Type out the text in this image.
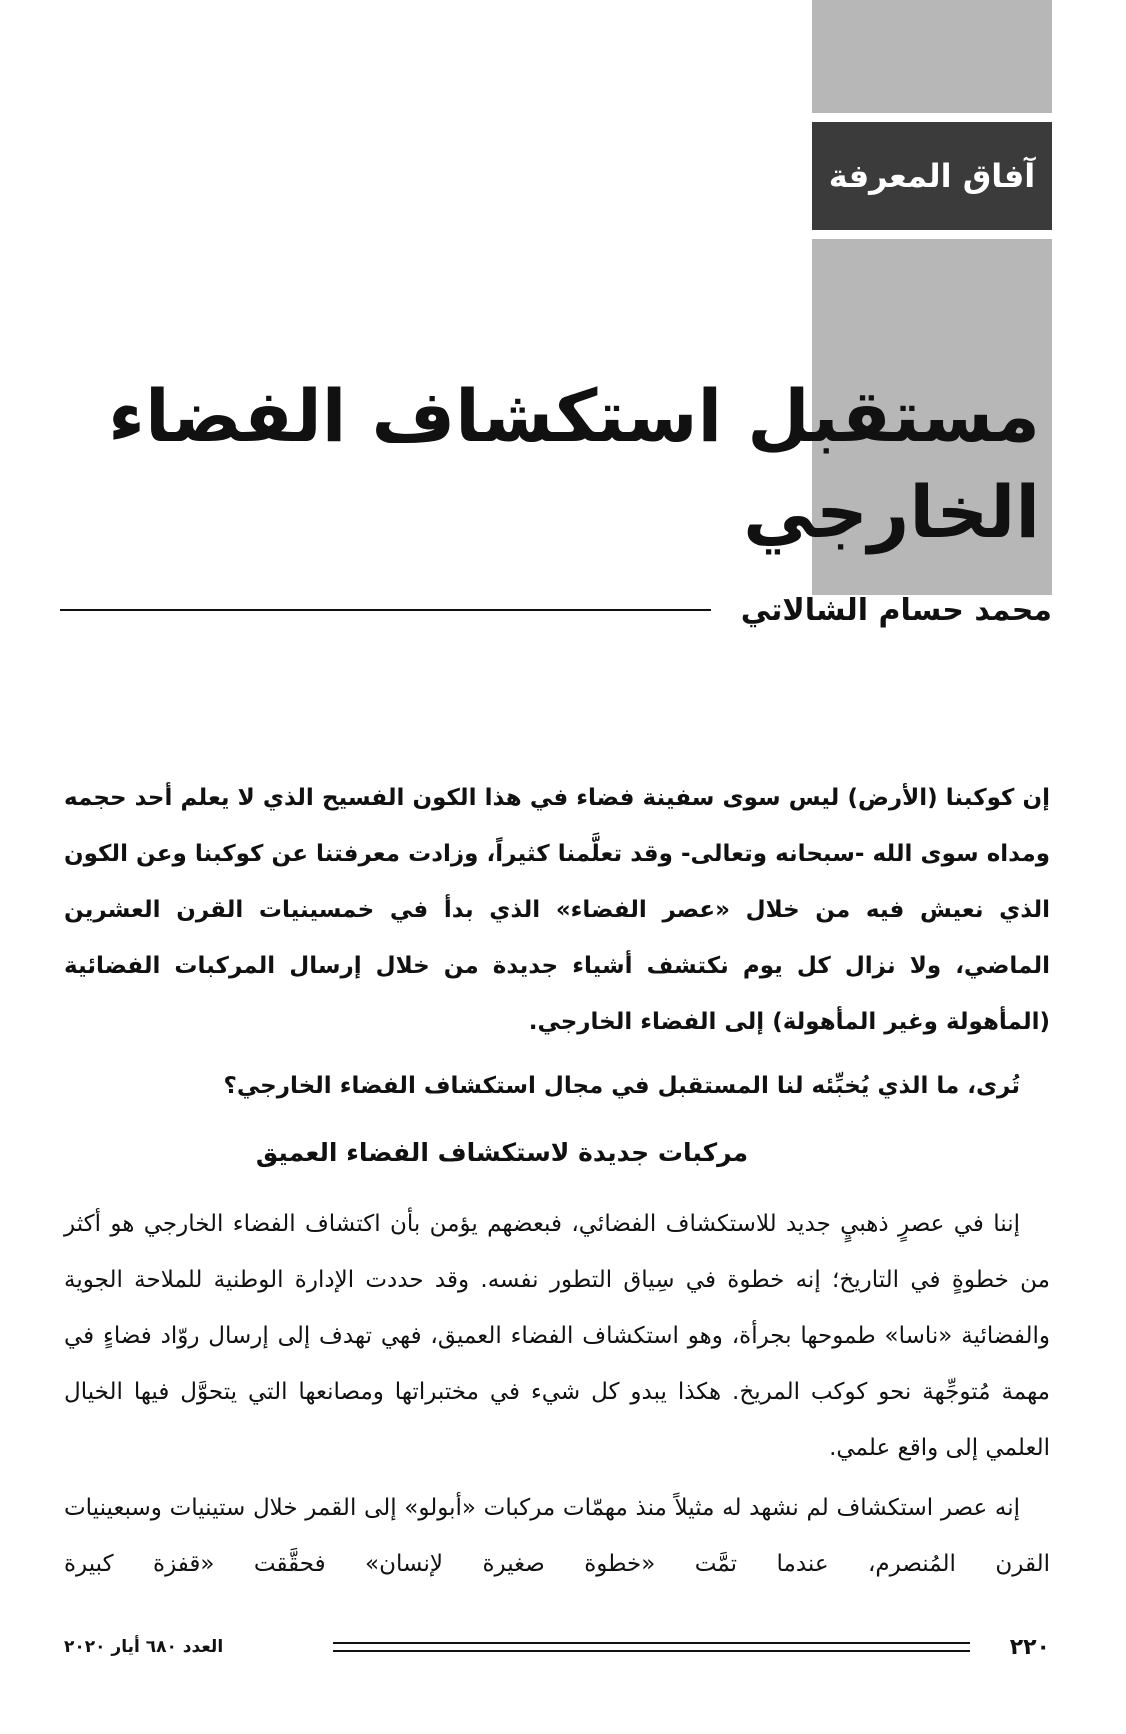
آفاق المعرفة
مستقبل استكشاف الفضاء الخارجي
محمد حسام الشالاتي

إن كوكبنا (الأرض) ليس سوى سفينة فضاء في هذا الكون الفسيح الذي لا يعلم أحد حجمه ومداه سوى الله -سبحانه وتعالى- وقد تعلَّمنا كثيراً، وزادت معرفتنا عن كوكبنا وعن الكون الذي نعيش فيه من خلال «عصر الفضاء» الذي بدأ في خمسينيات القرن العشرين الماضي، ولا نزال كل يوم نكتشف أشياء جديدة من خلال إرسال المركبات الفضائية (المأهولة وغير المأهولة) إلى الفضاء الخارجي.

تُرى، ما الذي يُخبِّئه لنا المستقبل في مجال استكشاف الفضاء الخارجي؟

مركبات جديدة لاستكشاف الفضاء العميق

إننا في عصرٍ ذهبيٍ جديد للاستكشاف الفضائي، فبعضهم يؤمن بأن اكتشاف الفضاء الخارجي هو أكثر من خطوةٍ في التاريخ؛ إنه خطوة في سِياق التطور نفسه. وقد حددت الإدارة الوطنية للملاحة الجوية والفضائية «ناسا» طموحها بجرأة، وهو استكشاف الفضاء العميق، فهي تهدف إلى إرسال روّاد فضاءٍ في مهمة مُتوجِّهة نحو كوكب المريخ. هكذا يبدو كل شيء في مختبراتها ومصانعها التي يتحوَّل فيها الخيال العلمي إلى واقع علمي.

إنه عصر استكشاف لم نشهد له مثيلاً منذ مهمّات مركبات «أبولو» إلى القمر خلال ستينيات وسبعينيات القرن المُنصرم، عندما تمَّت «خطوة صغيرة لإنسان» فحقَّقت «قفزة كبيرة

العدد ٦٨٠ أيار ٢٠٢٠	٢٢٠
